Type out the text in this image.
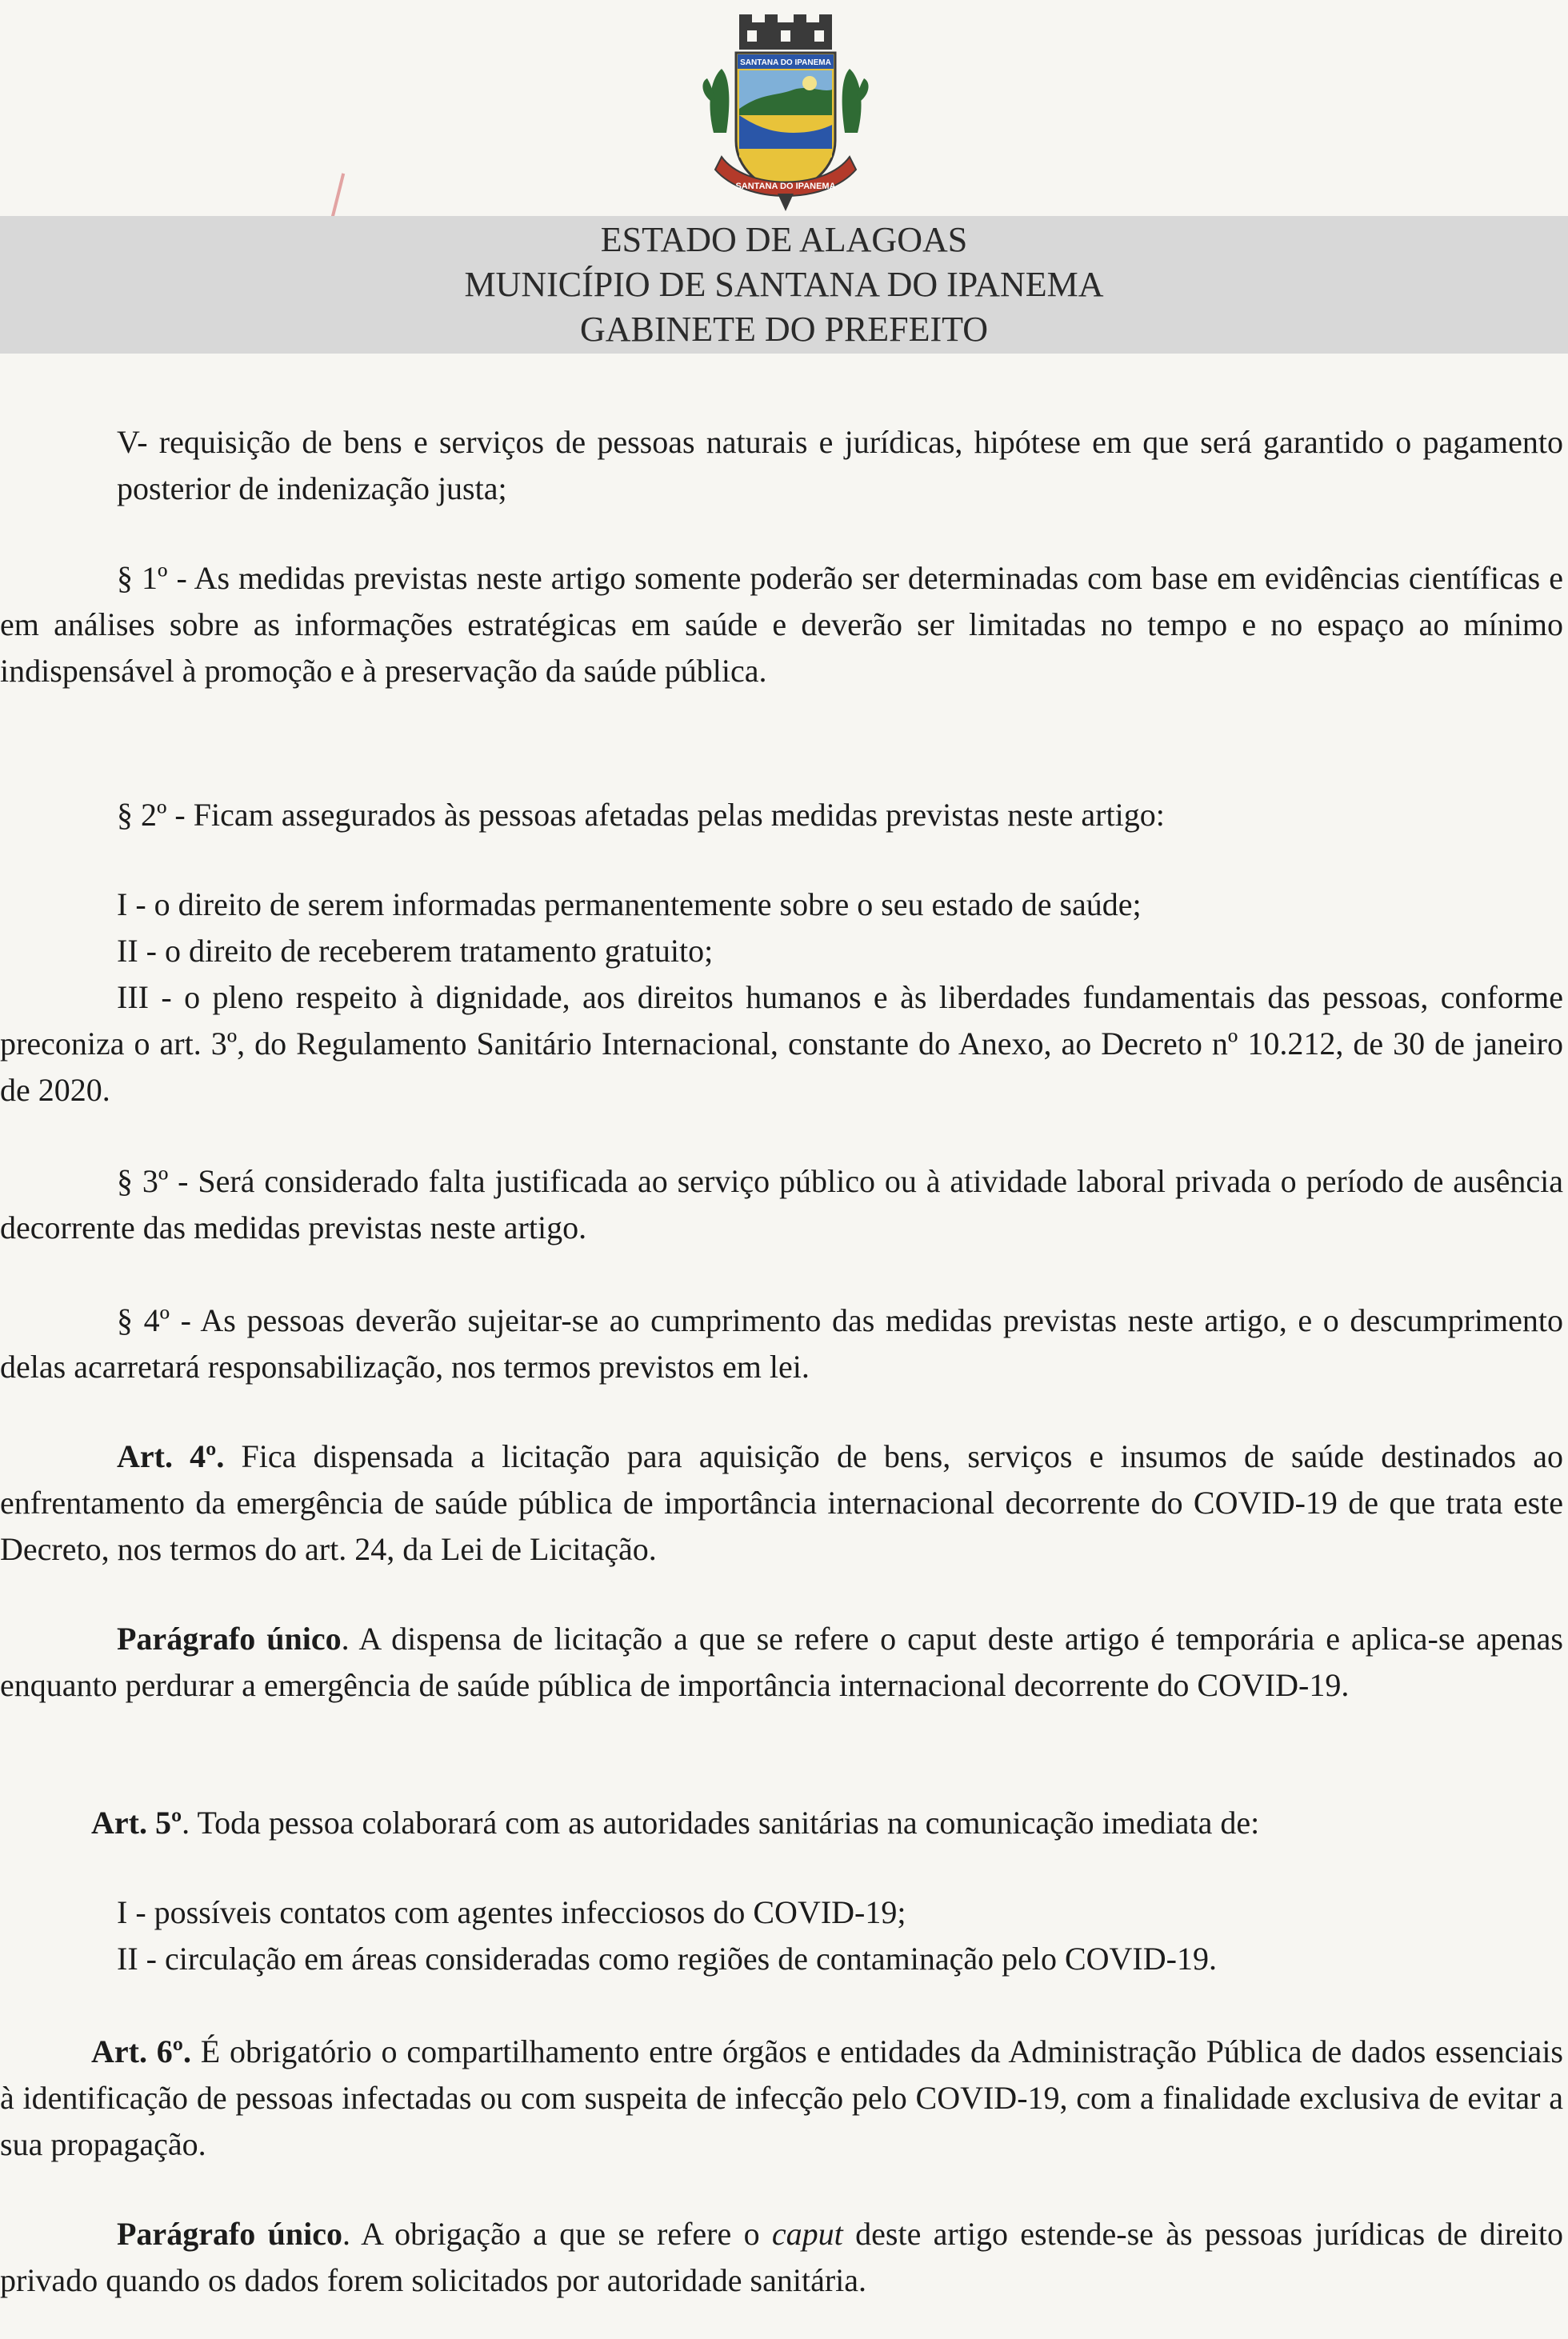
SANTANA DO IPANEMA
SANTANA DO IPANEMA
ESTADO DE ALAGOAS
MUNICÍPIO DE SANTANA DO IPANEMA
GABINETE DO PREFEITO

V- requisição de bens e serviços de pessoas naturais e jurídicas, hipótese em que será garantido o pagamento posterior de indenização justa;

§ 1º - As medidas previstas neste artigo somente poderão ser determinadas com base em evidências científicas e em análises sobre as informações estratégicas em saúde e deverão ser limitadas no tempo e no espaço ao mínimo indispensável à promoção e à preservação da saúde pública.

§ 2º - Ficam assegurados às pessoas afetadas pelas medidas previstas neste artigo:

I - o direito de serem informadas permanentemente sobre o seu estado de saúde;

II - o direito de receberem tratamento gratuito;

III - o pleno respeito à dignidade, aos direitos humanos e às liberdades fundamentais das pessoas, conforme preconiza o art. 3º, do Regulamento Sanitário Internacional, constante do Anexo, ao Decreto nº 10.212, de 30 de janeiro de 2020.

§ 3º - Será considerado falta justificada ao serviço público ou à atividade laboral privada o período de ausência decorrente das medidas previstas neste artigo.

§ 4º - As pessoas deverão sujeitar-se ao cumprimento das medidas previstas neste artigo, e o descumprimento delas acarretará responsabilização, nos termos previstos em lei.

Art. 4º. Fica dispensada a licitação para aquisição de bens, serviços e insumos de saúde destinados ao enfrentamento da emergência de saúde pública de importância internacional decorrente do COVID-19 de que trata este Decreto, nos termos do art. 24, da Lei de Licitação.

Parágrafo único. A dispensa de licitação a que se refere o caput deste artigo é temporária e aplica-se apenas enquanto perdurar a emergência de saúde pública de importância internacional decorrente do COVID-19.

Art. 5º. Toda pessoa colaborará com as autoridades sanitárias na comunicação imediata de:

I - possíveis contatos com agentes infecciosos do COVID-19;

II - circulação em áreas consideradas como regiões de contaminação pelo COVID-19.

Art. 6º. É obrigatório o compartilhamento entre órgãos e entidades da Administração Pública de dados essenciais à identificação de pessoas infectadas ou com suspeita de infecção pelo COVID-19, com a finalidade exclusiva de evitar a sua propagação.

Parágrafo único. A obrigação a que se refere o caput deste artigo estende-se às pessoas jurídicas de direito privado quando os dados forem solicitados por autoridade sanitária.
